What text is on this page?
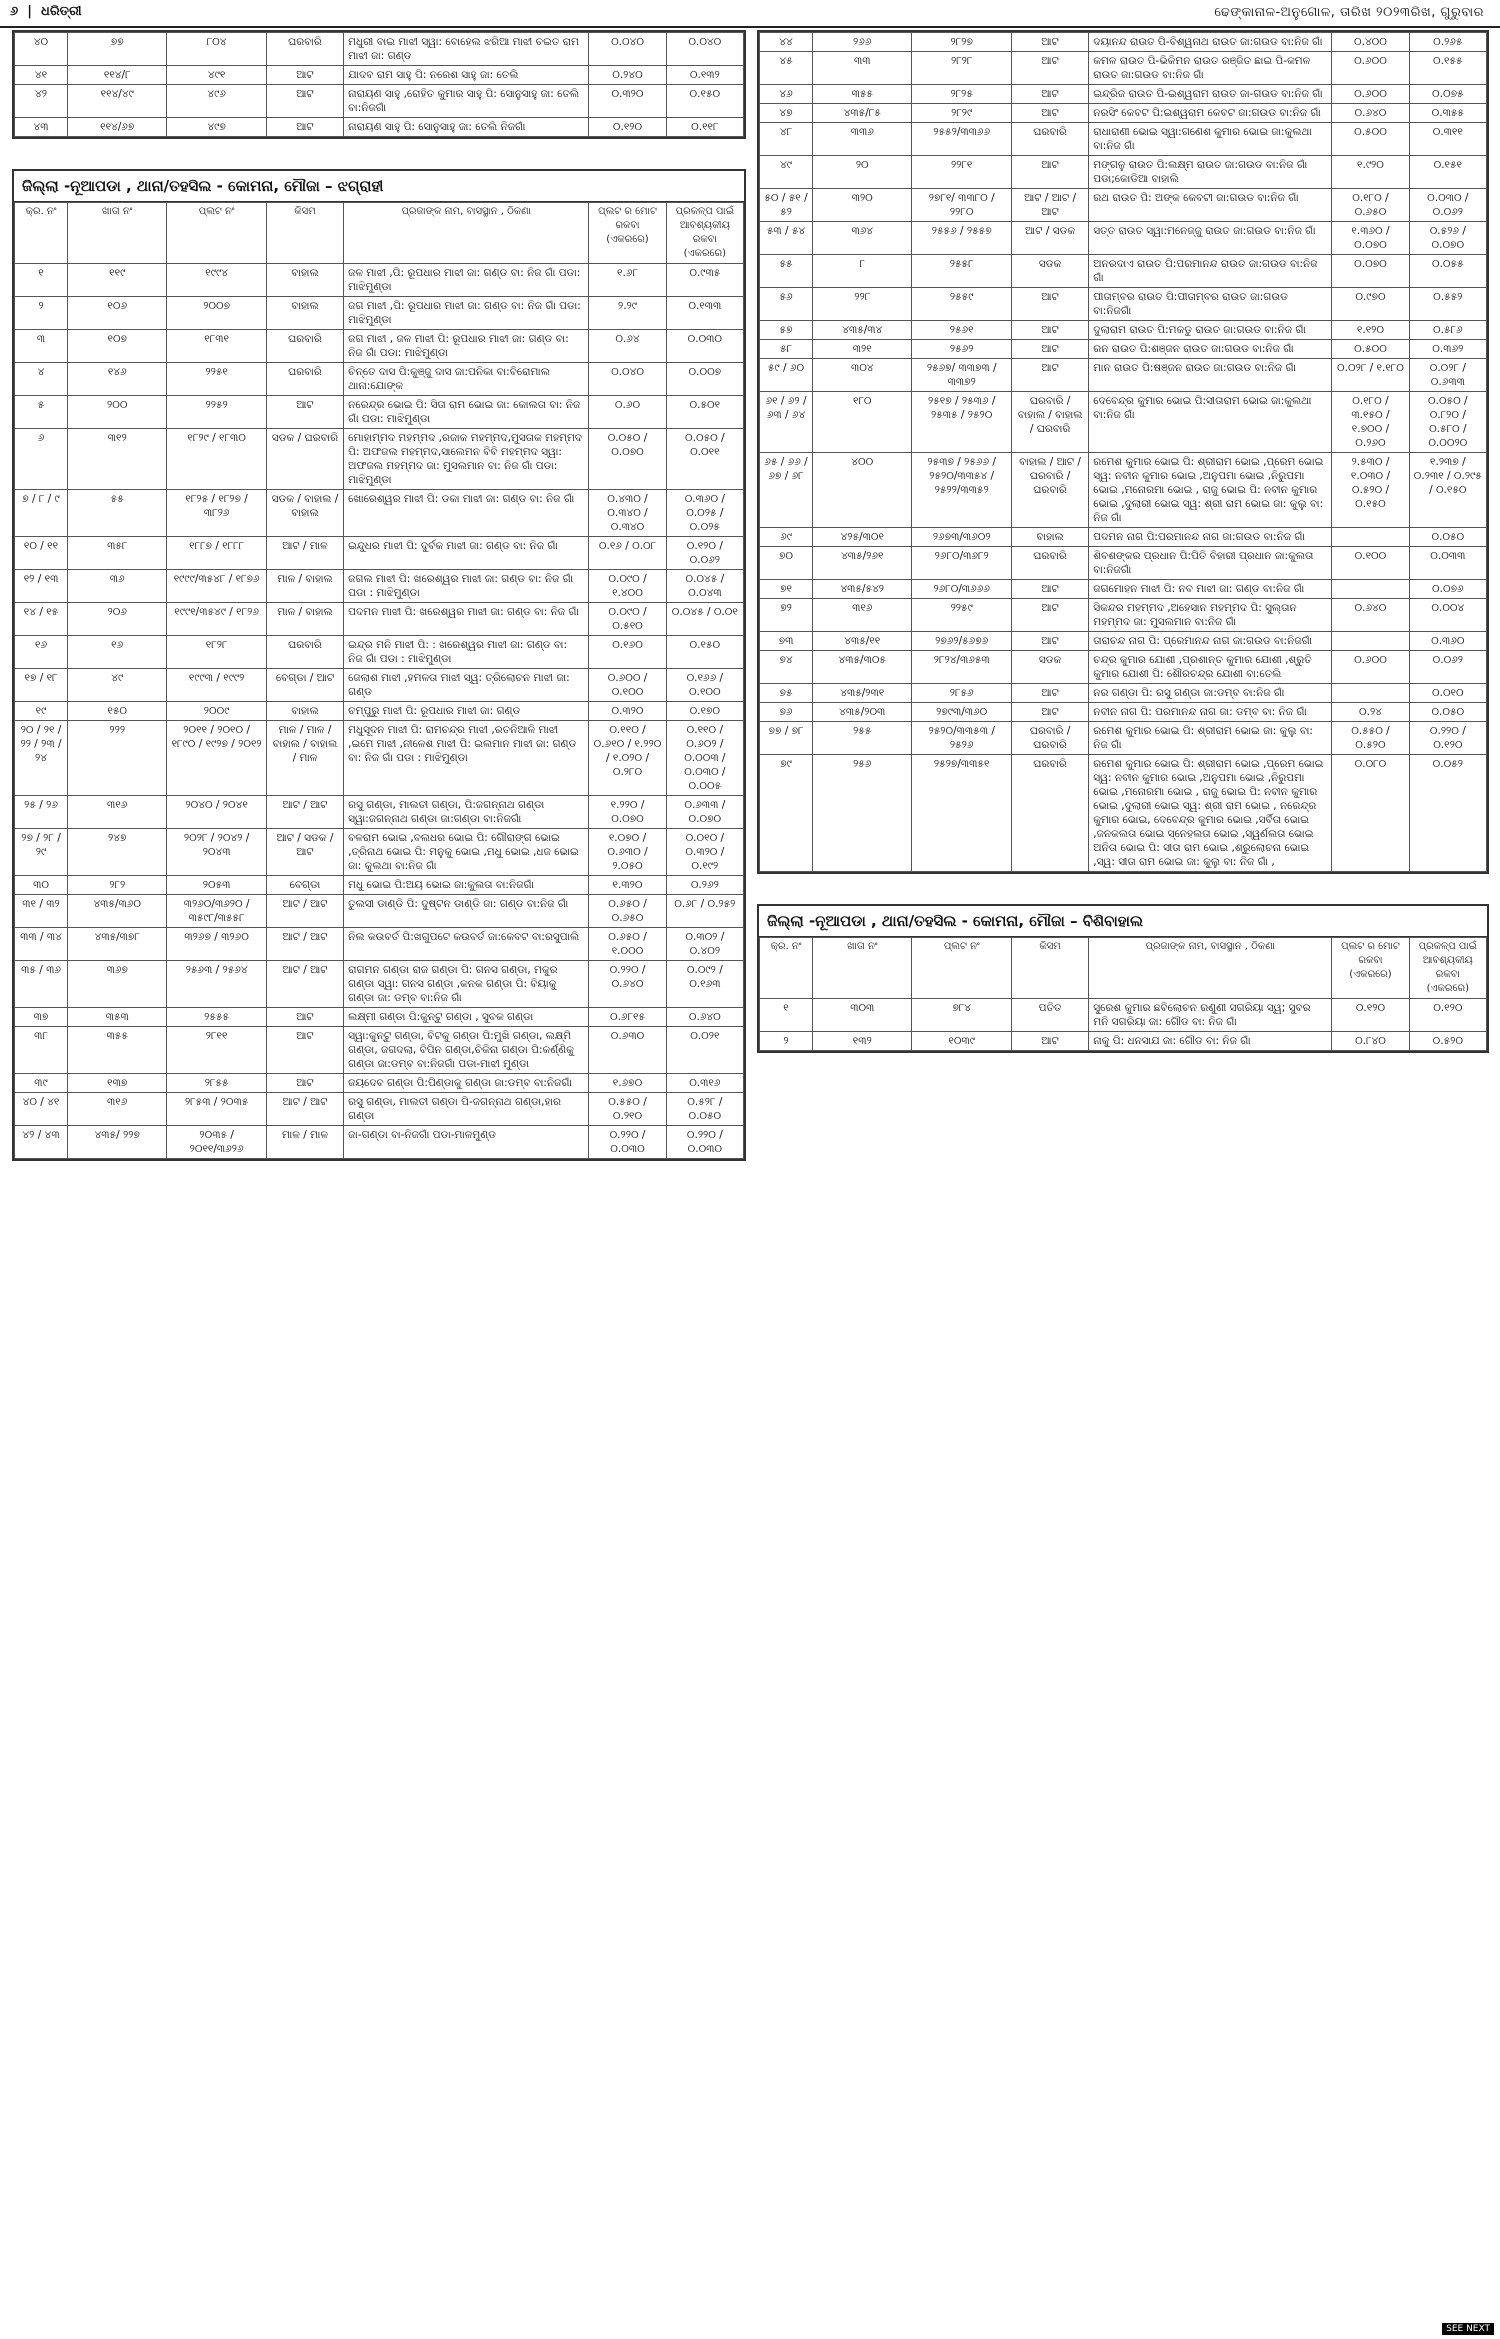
୬  |  ଧରିତ୍ରୀ	ଢେଙ୍କାନାଳ-ଅନୁଗୋଳ, ତାରିଖ ୨୦୨୩ରିଖ, ଗୁରୁବାର
୪୦	୭୭	୮୦୪	ଘରବାରି	ମଧୁରୀ ବାଇ ମାଝୀ ସ୍ୱା: ବୋହେଲ ଝରିଆ ମାଝୀ ଚଇତ ରାମ ମାଝୀ ଜା: ଗଣ୍ଡ	୦.୦୪୦	୦.୦୪୦
୪୧	୧୧୪/୮	୪୯୧	ଆଟ	ଯାଦବ ରାମ ସାହୁ ପି: ନରେଶ ସାହୁ ଜା: ତେଲି	୦.୨୪୦	୦.୧୩୨
୪୨	୧୧୪/୪୯	୪୯୬	ଆଟ	ନାରାୟଣ ସାହୁ ,ରୋହିତ କୁମାର ସାହୁ ପି: ସୋନୁସାହୁ ଜା: ତେଲି ବା:ନିଜଗାଁ	୦.୩୨୦	୦.୧୫୦
୪୩	୧୧୪/୬୭	୪୯୭	ଆଟ	ନାରାୟଣ ସାହୁ ପି: ସୋନୁସାହୁ ଜା: ତେଲି ନିଜଗାଁ	୦.୧୨୦	୦.୧୧୮
ଜିଲ୍ଲା -ନୂଆପଡା , ଥାନା/ତହସିଲ - କୋମନା, ମୌଜା – ଝଗ୍ରାହୀ
କ୍ର. ନଂ	ଖାତା ନଂ	ପ୍ଲଟ ନଂ	କିସମ	ପ୍ରଜାଙ୍କ ନାମ, ବାସସ୍ଥାନ , ଠିକଣା	ପ୍ଲଟ ର ମୋଟ ରକବା (ଏକରରେ)	ପ୍ରକଳ୍ପ ପାଇଁ ଆବଶ୍ୟକୀୟ ରକବା (ଏକରରେ)
୧	୧୧୯	୧୯୯୪	ବାହାଲ	ଜଳ ମାଝୀ ,ପି: ରୂପଧାର ମାଝୀ ଜା: ଗଣ୍ଡ ବା: ନିଜ ଗାଁ ପଡା: ମାଝିମୁଣ୍ଡା	୧.୬୮	୦.୯୩୫
୨	୧୦୬	୨୦୦୭	ବାହାଲ	ଜଗ ମାଝୀ ,ପି: ରୂପଧାର ମାଝୀ ଜା: ଗଣ୍ଡ ବା: ନିଜ ଗାଁ ପଡା: ମାଝିମୁଣ୍ଡା	୨.୨୯	୦.୧୩୩
୩	୧୦୭	୧୮୩୧	ଘରବାରି	ଜଗ ମାଝୀ , ଜଳ ମାଝୀ ପି: ରୂପଧାର ମାଝୀ ଜା: ଗଣ୍ଡ ବା: ନିଜ ଗାଁ ପଡା: ମାଝିମୁଣ୍ଡା	୦.୬୪	୦.୦୩୦
୪	୧୪୬	୨୨୫୧	ଘରବାରି	ଚିନ୍ତେ ଦାସ ପି:କୁଞ୍ଜୁ ଦାସ ଜା:ପନିକା ବା:ବିରୋମାଲ ଥାନା:ଯୋଙ୍କ	୦.୦୪୦	୦.୦୦୭
୫	୨୦୦	୨୨୫୨	ଆଟ	ନରେନ୍ଦ୍ର ଭୋଇ ପି: ସିତା ରାମ ଭୋଇ ଜା: କୋଲତା ବା: ନିଜ ଗାଁ ପଡା: ମାଝିମୁଣ୍ଡା	୦.୬୦	୦.୫୦୧
୬	୩୧୨	୧୮୨୯ / ୧୮୩୦	ସଡକ / ଘରବାରି	ମୋହାମ୍ମଦ ମହମ୍ମଦ ,ରଜାକ ମହମ୍ମଦ,ମୁସତାକ ମହମ୍ମଦ ପି: ଅଫଜଲ ମହମ୍ମଦ,ସାଲେମନ ବିବି ମହମ୍ମଦ ସ୍ୱା: ଅଫଜଲ ମହମ୍ମଦ ଜା: ମୁସଲମାନ ବା: ନିଜ ଗାଁ ପଡା: ମାଝିମୁଣ୍ଡା	୦.୦୫୦ / ୦.୦୭୦	୦.୦୫୦ / ୦.୦୧୧
୭ / ୮ / ୯	୫୫	୧୮୨୫ / ୧୮୨୭ / ୩୮୨୬	ସଡକ / ବାହାଲ / ବାହାଲ	ଖୋରେଶ୍ୱର ମାଝୀ ପି: ଡକା ମାଝୀ ଜା: ଗଣ୍ଡ ବା: ନିଜ ଗାଁ	୦.୪୩୦ / ୦.୩୪୦ / ୦.୩୪୦	୦.୩୬୦ / ୦.୦୨୫ / ୦.୦୨୫
୧୦ / ୧୧	୩୫୮	୧୮୮୭ / ୧୮୮୮	ଆଟ / ମାଳ	ଇନ୍ଦୁଧର ମାଝୀ ପି: ଦୁର୍ବକ ମାଝୀ ଜା: ଗଣ୍ଡ ବା: ନିଜ ଗାଁ	୦.୧୬ / ୦.୦୮	୦.୧୨୦ / ୦.୦୬୨
୧୨ / ୧୩	୩୬	୧୯୯୯/୩୫୪୮ / ୧୮୭୬	ମାଳ / ବାହାଲ	ଜଗଲ ମାଝୀ ପି: ଖରେଶ୍ୱର ମାଝୀ ଜା: ଗଣ୍ଡ ବା: ନିଜ ଗାଁ ପଡା : ମାଝିମୁଣ୍ଡା	୦.୦୯୦ / ୧.୪୦୦	୦.୦୪୫ / ୦.୦୪୩
୧୪ / ୧୫	୨୦୬	୧୯୯୧/୩୫୪୯ / ୧୮୨୬	ମାଳ / ବାହାଲ	ପଦମନ ମାଝୀ ପି: ଖରେଶ୍ୱର ମାଝୀ ଜା: ଗଣ୍ଡ ବା: ନିଜ ଗାଁ	୦.୦୯୦ / ୦.୫୧୦	୦.୦୪୫ / ୦.୦୧
୧୬	୧୬	୧୮୨୮	ଘରବାରି	ଇନ୍ଦ୍ର ମନି ମାଝୀ ପି: : ଖରେଶ୍ୱର ମାଝୀ ଜା: ଗଣ୍ଡ ବା: ନିଜ ଗାଁ ପଡା : ମାଝିମୁଣ୍ଡା	୦.୧୬୦	୦.୧୫୦
୧୭ / ୧୮	୪୯	୧୯୯୩ / ୧୯୯୨	ବେଗ୍ଡା / ଆଟ	ଜେଲାଶ ମାଝୀ ,ହମଳତା ମାଝୀ ସ୍ୱ: ତ୍ରିଲୋଚନ ମାଝୀ ଜା: ଗଣ୍ଡ	୦.୬୦୦ / ୦.୧୦୦	୦.୧୬୬ / ୦.୧୦୦
୧୯	୧୫୦	୨୦୦୯	ବାହାଲ	ଚମ୍ପୁରୁ ମାଝୀ ପି: ରୂପଧାର ମାଝୀ ଜା: ଗଣ୍ଡ	୦.୩୨୦	୦.୧୭୦
୨୦ / ୨୧ / ୨୨ / ୨୩ / ୨୪	୨୨୨	୨୦୧୧ / ୨୦୧୦ / ୧୮୯୦ / ୧୯୨୭ / ୨୦୧୨	ମାଳ / ମାଳ / ବାହାଲ / ବାହାଲ / ମାଳ	ମଧୁସୂଦନ ମାଝୀ ପି: ରାମଚନ୍ଦ୍ର ମାଝୀ ,ରତନିଆଳି ମାଝୀ ,ଇମେ ମାଝୀ ,ନୀଳେଶ ମାଝୀ ପି: ଇଲମାନ ମାଝୀ ଜା: ଗଣ୍ଡ ବା: ନିଜ ଗାଁ ପଡା : ମାଝିମୁଣ୍ଡା	୦.୧୧୦ / ୦.୬୧୦ / ୧.୨୨୦ / ୧.୦୨୦ / ୦.୨୮୦	୦.୧୧୦ / ୦.୬୦୨ / ୦.୦୦୩ / ୦.୦୩୦ / ୦.୦୦୫
୨୫ / ୨୬	୩୧୬	୨୦୪୦ / ୨୦୪୧	ଆଟ / ଆଟ	ରସୁ ଗଣ୍ଡା, ମାଲତୀ ଗଣ୍ଡା, ପି:ଜଗନ୍ନାଥ ଗଣ୍ଡା ସ୍ୱା:ଜଗନ୍ନାଥ ଗଣ୍ଡା ଜା:ଗଣ୍ଡା ବା:ନିଜଗାଁ	୧.୨୨୦ / ୦.୦୭୦	୦.୬୩୩ / ୦.୦୭୦
୨୭ / ୨୮ / ୨୯	୨୪୭	୨୦୨୮ / ୨୦୪୨ / ୨୦୪୩	ଆଟ / ସଡକ / ଆଟ	ବଳରାମ ଭୋଇ ,ବଲଧର ଭୋଇ ପି: ଗୌରାଙ୍ଗ ଭୋଇ ,ତ୍ରିନାଥ ଭୋଇ ପି: ମନୁକୁ ଭୋଇ ,ମଧୁ ଭୋଇ ,ଧଜ ଭୋଇ ଜା: କୁଲଥା ବା:ନିଜ ଗାଁ	୧.୦୭୦ / ୦.୬୩୦ / ୨.୦୫୦	୦.୦୧୦ / ୦.୩୨୦ / ୦.୧୯୨
୩୦	୨୮୨	୨୦୫୩	ବେଗ୍ଡା	ମଧୁ ଭୋଇ ପି:ଅୟ ଭୋଇ ଜା:କୁଲତା ବା:ନିଜଗାଁ	୧.୩୨୦	୦.୨୬୨
୩୧ / ୩୨	୪୩୫/୩୬୦	୩୨୬୦/୩୬୨୦ / ୩୫୯୮/୩୫୫୮	ଆଟ / ଆଟ	ତୁଲସୀ ଡାଣ୍ଡି ପି: ଦୁଷ୍ଟନ ଡାଣ୍ଡି ଜା: ଗଣ୍ଡ ବା:ନିଜ ଗାଁ	୦.୬୫୦ / ୦.୬୫୦	୦.୬୮ / ୦.୨୫୨
୩୩ / ୩୪	୪୩୫/୩୭୮	୩୨୬୭ / ୩୨୬୦	ଆଟ / ଆଟ	ନିଲ କଉବର୍ତ ପି:ଖଗୁପଟେ କଉବର୍ତ ଜା:କେବଟ ବା:ରସୁପାଲି	୦.୬୫୦ / ୧.୦୦୦	୦.୩୦୨ / ୦.୪୦୨
୩୫ / ୩୬	୩୬୭	୨୫୬୩ / ୨୫୬୪	ଆଟ / ଆଟ	ରାଗମନ ଗଣ୍ଡା ରାଜ ଗଣ୍ଡା ପି: ଗନସ ଗଣ୍ଡା, ମକୁର ଗଣ୍ଡା ସ୍ୱା: ଗନସ ଗଣ୍ଡା ,କନକ ଗଣ୍ଡା ପି: ବିୟାକୁ ଗଣ୍ଡା ଜା: ଡମ୍ବ ବା:ନିଜ ଗାଁ	୦.୨୨୦ / ୦.୬୪୦	୦.୦୯୨ / ୦.୧୬୩
୩୭	୩୫୩	୨୫୫୫	ଆଟ	ଲକ୍ଷ୍ମୀ ଗଣ୍ଡା ପି:କୁନ୍ଟୁ ଗଣ୍ଡା , ସୁବକ ଗଣ୍ଡା	୦.୬୮୧୫	୦.୬୪୦
୩୮	୩୫୫	୨୮୧୧	ଆଟ	ସ୍ୱା:କୁନ୍ଟୁ ଗଣ୍ଡା, ବିଟକୁ ଗଣ୍ଡା ପି:ମୁଖି ଗଣ୍ଡା, ଲକ୍ଷ୍ମି ଗଣ୍ଡା, ଜଗଦଲା, ବିପିନ ଗଣ୍ଡା,ଚିକିନା ଗଣ୍ଡା ପି:କର୍ଣ୍ଣିକୁ ଗଣ୍ଡା ଜା:ଡମ୍ବ ବା:ନିଜଗାଁ ପଡା-ମାଝୀ ମୁଣ୍ଡା	୦.୬୩୦	୦.୦୨୧
୩୯	୧୩୭	୨୮୫୫	ଆଟ	ଜୟଦେବ ଗଣ୍ଡା ପି:ପିଣ୍ଡାକୁ ଗଣ୍ଡା ଜା:ଡମ୍ବ ବା:ନିଜଗାଁ	୧.୬୭୦	୦.୩୧୬
୪୦ / ୪୧	୩୧୬	୨୮୫୩ / ୨୦୩୫	ଆଟ / ଆଟ	ରସୁ ଗଣ୍ଡା, ମାଲତୀ ଗଣ୍ଡା ପି-ଜଗନ୍ନାଥ ଗଣ୍ଡା,ହାର ଗଣ୍ଡା	୦.୫୫୦ / ୦.୨୧୦	୦.୫୨୮ / ୦.୦୫୦
୪୨ / ୪୩	୪୩୫/ ୨୨୭	୨୦୩୫ / ୨୦୧୧/୩୬୨୬	ମାଳ / ମାଳ	ଜା-ଗଣ୍ଡା ବା-ନିଜଗାଁ ପଡା-ମାଳମୁଣ୍ଡ	୦.୨୨୦ / ୦.୦୩୦	୦.୨୨୦ / ୦.୦୩୦
୪୪	୨୬୬	୨୮୨୭	ଆଟ	ଦୟାନନ୍ଦ ରାଉତ ପି-ବିଶ୍ୱନାଥ ରାଉତ ଜା:ଗଉଡ ବା:ନିଜ ଗାଁ	୦.୪୦୦	୦.୨୬୫
୪୫	୩୩	୨୮୨୮	ଆଟ	କମଳ ରାଉତ ପି-ଭିକିମନ ରାଉତ ରଞ୍ଜିତ ଛାଇ ପି-କମଳ ରାଉତ ଜା:ଗଉଡ ବା:ନିଜ ଗାଁ	୦.୬୦୦	୦.୧୫୫
୪୬	୩୫୫	୨୮୨୫	ଆଟ	ଇନ୍ଦ୍ରିଜ ରାଉତ ପି-ଇଶ୍ୱରାମ ରାଉତ ଜା-ଗଉଡ ବା:ନିଜ ଗାଁ	୦.୬୦୦	୦.୦୭୫
୪୭	୪୩୫/୮୫	୨୮୨୯	ଆଟ	ନରସିଂ କେବଟ ପି:ଇଶ୍ୱରାମ କେବଟ ଜା:ଗଉଡ ବା:ନିଜ ଗାଁ	୦.୬୪୦	୦.୩୫୫
୪୮	୩୩୬	୨୫୫୨/୩୩୬୬	ଘରବାରି	ରାଧାରାଣୀ ଭୋଇ ସ୍ୱା:ଗଣେଶ କୁମାର ଭୋଇ ଜା:କୁଲଥା ବା:ନିଜ ଗାଁ	୦.୫୦୦	୦.୩୧୧
୪୯	୨୦	୨୨୮୧	ଆଟ	ମଙ୍ଗଳୁ ରାଉତ ପି:ଲକ୍ଷ୍ମ ରାଉତ ଜା:ଗଉଡ ବା:ନିଜ ଗାଁ ପଡା;କୋଡିଆ ବାହାଲି	୧.୯୨୦	୦.୧୫୧
୫୦ / ୫୧ / ୫୨	୩୨୦	୨୭୮୧/ ୩୩୮୦ / ୨୨୮୦	ଆଟ / ଆଟ / ଆଟ	ରଥ ରାଉତ ପି: ଅଙ୍କ କେବଟୀ ଜା:ଗଉଡ ବା:ନିଜ ଗାଁ	୦.୧୮୦ / ୦.୬୫୦	୦.୦୩୦ / ୦.୦୬୨
୫୩ / ୫୪	୩୬୪	୨୫୫୬ / ୨୫୫୭	ଆଟ / ସଡକ	ସତ୍ତ ରାଉତ ସ୍ୱା:ମନେଜ୍ଜୁ ରାଉତ ଜା:ଗଉଡ ବା:ନିଜ ଗାଁ	୧.୩୬୦ / ୦.୦୭୦	୦.୫୨୬ / ୦.୦୭୦
୫୫	୮	୨୫୫୮	ସଡକ	ଅନରଦାଏ ରାଉତ ପି:ପରମାନନ୍ଦ ରାଉତ ଜା:ଗଉଡ ବା:ନିଜ ଗାଁ	୦.୦୭୦	୦.୦୫୫
୫୬	୨୨୮	୨୫୫୯	ଆଟ	ପୀତାମ୍ବର ରାଉତ ପି:ପୀତାମ୍ବର ରାଉତ ଜା:ଗଉଡ ବା:ନିଜଗାଁ	୦.୯୭୦	୦.୫୫୨
୫୭	୪୩୫/୩୪	୨୫୬୧	ଆଟ	ଦୁଲାରାମ ରାଉତ ପି:ମକଡୁ ରାଉତ ଜା:ଗଉଡ ବା:ନିଜ ଗାଁ	୧.୧୨୦	୦.୫୮୬
୫୮	୩୨୧	୨୫୬୨	ଆଟ	ରନ ରାଉତ ପି:ଶଞ୍ଜନ ରାଉତ ଜା:ଗଉଡ ବା:ନିଜ ଗାଁ	୦.୫୦୦	୦.୩୬୨
୫୯ / ୬୦	୩୦୪	୨୫୬୭/ ୩୩୭୩ / ୩୩୭୨	ଆଟ	ମାନ ରାଉତ ପି:ଷଞ୍ଜନ ରାଉତ ଜା:ଗଉଡ ବା:ନିଜ ଗାଁ	୦.୦୨୮ / ୧.୧୮୦	୦.୦୨୮ / ୦.୬୩୩
୬୧ / ୬୨ / ୬୩ / ୬୪	୧୮୦	୨୫୧୭ / ୨୫୩୬ / ୨୫୩୫ / ୨୫୨୦	ଘରବାରି / ବାହାଲ / ବାହାଲ / ଘରବାରି	ଦେବେନ୍ଦ୍ର କୁମାର ଭୋଇ ପି:ସୀତାରାମ ଭୋଇ ଜା:କୁଲଥା ବା:ନିଜ ଗାଁ	୦.୧୮୦ / ୩.୧୫୦ / ୧.୭୦୦ / ୦.୨୬୦	୦.୦୫୦ / ୦.୮୨୦ / ୦.୫୮୦ / ୦.୦୦୨୦
୬୫ / ୬୬ / ୬୭ / ୬୮	୪୦୦	୨୫୩୭ / ୨୫୬୬ / ୨୫୨୦/୩୩୫୪ / ୨୫୨୨/୩୩୫୨	ବାହାଲ / ଆଟ / ଘରବାରି / ଘରବାରି	ରମେଶ କୁମାର ଭୋଇ ପି: ଶ୍ରୀରାମ ଭୋଇ ,ପ୍ରେମ ଭୋଇ ସ୍ୱ: ନବୀନ କୁମାର ଭୋଇ ,ଅନୁପମା ଭୋଇ ,ନିରୁପମା ଭୋଇ ,ମନୋରମା ଭୋଇ , ରାଜୁ ଭୋଇ ପି: ନବୀନ କୁମାର ଭୋଇ ,ଦୁଲାରୀ ଭୋଇ ସ୍ୱ: ଶ୍ରୀ ରାମ ଭୋଇ ଜା: କୁଲୁ ବା: ନିଜ ଗାଁ	୨.୫୩୦ / ୧.୦୩୦ / ୦.୫୨୦ / ୦.୧୫୦	୧.୨୩୭ / ୦.୨୩୧ / ୦.୨୯୫ / ୦.୧୫୦
୬୯	୪୨୫/୩୦୧	୨୬୭୩/୩୬୦୨	ବାହାଲ	ପଦମନ ନାଗ ପି:ପରମାନନ୍ଦ ନାଗ ଜା:ଗଉଡ ବା:ନିଜ ଗାଁ		୦.୦୫୦
୭୦	୪୩୫/୨୬୧	୨୬୮୦/୩୬୮୨	ଘରବାରି	ଶିବଶଙ୍କର ପ୍ରଧାନ ପି:ପିତି ବିହାରୀ ପ୍ରଧାନ ଜା:କୁଲତା ବା:ନିଜଗାଁ	୦.୧୦୦	୦.୦୩୩
୭୧	୪୩୫/୫୪୨	୨୬୮୦/୩୬୬୬	ଆଟ	ଜଗମୋହନ ମାଝୀ ପି: ନବ ମାଝୀ ଜା: ଗଣ୍ଡ ବା:ନିଜ ଗାଁ		୦.୦୭୬
୭୨	୩୧୬	୨୨୫୯	ଆଟ	ସିକନ୍ଦର ମହମ୍ମଦ ,ଅହେସାନ ମହମ୍ମଦ ପି: ସୁଲ୍ତାନ ମହମ୍ମଦ ଜା: ମୁସଲମାନ ବା:ନିଜ ଗାଁ	୦.୬୪୦	୦.୦୦୪
୭୩	୪୩୫/୧୧	୨୭୬୨/୫୬୭୬	ଆଟ	ତାରାଚନ୍ଦ ନାଗ ପି: ପ୍ରେମାନନ୍ଦ ନାଗ ଜା:ଗଉଡ ବା:ନିଜଗାଁ		୦.୩୬୦
୭୪	୪୩୫/୩୦୫	୨୮୨୪/୩୬୫୩	ସଡକ	ଚନ୍ଦ୍ର କୁମାର ଯୋଶୀ ,ପ୍ରଶାନ୍ତ କୁମାର ଯୋଶୀ ,ଶ୍ରୁତି କୁମାର ଯୋଶୀ ପି: ଶୌରଚନ୍ଦ୍ର ଯୋଶୀ ବା:ତେଲି	୦.୬୦୦	୦.୦୬୨
୭୫	୪୩୫/୨୩୧	୨୮୫୬	ଆଟ	ନର ଗଣ୍ଡା ପି: ରସୁ ଗଣ୍ଡା ଜା:ଡମ୍ବ ବା:ନିଜ ଗାଁ		୦.୦୧୦
୭୬	୪୩୫/୨୦୩	୨୭୯୩/୩୬୦	ଆଟ	ନବୀନ ନାଗ ପି: ପରମାନନ୍ଦ ନାଗ ଜା: ଡମ୍ବ ବା: ନିଜ ଗାଁ	୦.୨୪	୦.୦୫୦
୭୭ / ୭୮	୨୫୫	୨୫୨୦/୩୩୫୩ / ୨୫୨୬	ଘରବାରି / ଘରବାରି	ରମେଶ କୁମାର ଭୋଇ ପି: ଶ୍ରୀରାମ ଭୋଇ ଜା: କୁଲୁ ବା: ନିଜ ଗାଁ	୦.୫୫୦ / ୦.୫୨୦	୦.୨୨୦ / ୦.୧୨୦
୭୯	୨୫୬	୨୫୨୭/୩୩୫୧	ଘରବାରି	ରମେଶ କୁମାର ଭୋଇ ପି: ଶ୍ରୀରାମ ଭୋଇ ,ପ୍ରେମ ଭୋଇ ସ୍ୱ: ନବୀନ କୁମାର ଭୋଇ ,ଅନୁପମା ଭୋଇ ,ନିରୁପମା ଭୋଇ ,ମନୋରମା ଭୋଇ , ରାଜୁ ଭୋଇ ପି: ନବୀନ କୁମାର ଭୋଇ ,ଦୁଲାରୀ ଭୋଇ ସ୍ୱ: ଶ୍ରୀ ରାମ ଭୋଇ , ନରେନ୍ଦ୍ର କୁମାର ଭୋଇ, ଦେବେନ୍ଦ୍ର କୁମାର ଭୋଇ ,ସର୍ବିତା ଭୋଇ ,ଜନକଲତା ଭୋଇ ସ୍ନେହଲତା ଭୋଇ ,ସ୍ୱର୍ଣଲତା ଭୋଇ ଅନିତା ଭୋଇ ପି: ସୀତା ରାମ ଭୋଇ ,ଶ୍ରୁଲୋଚନା ଭୋଇ ,ସ୍ୱ: ସୀତା ରାମ ଭୋଇ ଜା: କୁଲୁ ବା: ନିଜ ଗାଁ ,	୦.୦୮୦	୦.୦୫୨
ଜିଲ୍ଲା -ନୂଆପଡା , ଥାନା/ତହସିଲ - କୋମନା, ମୌଜା – ବିଶିବାହାଲ
କ୍ର. ନଂ	ଖାତା ନଂ	ପ୍ଲଟ ନଂ	କିସମ	ପ୍ରଜାଙ୍କ ନାମ, ବାସସ୍ଥାନ , ଠିକଣା	ପ୍ଲଟ ର ମୋଟ ରକବା (ଏକରରେ)	ପ୍ରକଳ୍ପ ପାଇଁ ଆବଶ୍ୟକୀୟ ରକବା (ଏକରରେ)
୧	୩୦୩	୭୮୪	ପତିତ	ସୁରେଶ କୁମାର ଛବିଲୋଚନ ରଣୁଣୀ ସଗରିୟା ସ୍ୱ; ସୁବର ମନି ସଗରିୟା ଜା: ଗୌଡ ବା: ନିଜ ଗାଁ	୦.୧୨୦	୦.୧୨୦
୨	୧୩୨	୧୦୩୯	ଆଟ	ନାକୁ ପି: ଧନସାଯ ଜା: ଗୌଡ ବା: ନିଜ ଗାଁ	୦.୮୪୦	୦.୫୨୦
SEE NEXT
